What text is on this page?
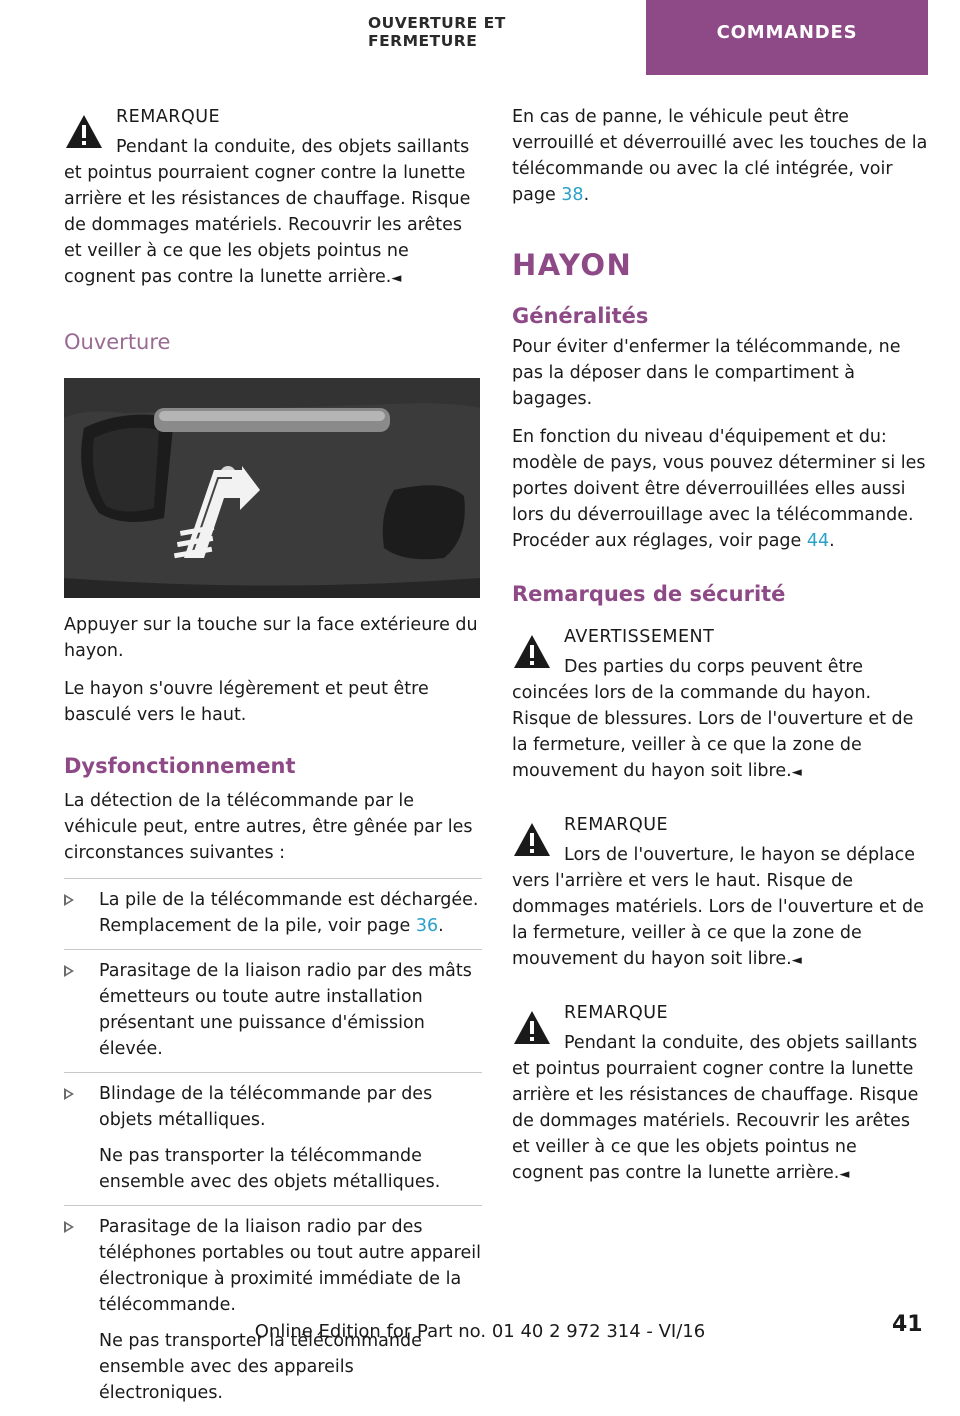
OUVERTURE ET FERMETURE	COMMANDES
REMARQUE

Pendant la conduite, des objets saillants et pointus pourraient cogner contre la lunette arrière et les résistances de chauffage. Risque de dommages matériels. Recouvrir les arêtes et veiller à ce que les objets pointus ne cognent pas contre la lunette arrière.◄

Ouverture

Appuyer sur la touche sur la face extérieure du hayon.

Le hayon s'ouvre légèrement et peut être basculé vers le haut.

Dysfonctionnement

La détection de la télécommande par le véhicule peut, entre autres, être gênée par les circonstances suivantes :

La pile de la télécommande est déchargée. Remplacement de la pile, voir page 36.

Parasitage de la liaison radio par des mâts émetteurs ou toute autre installation présentant une puissance d'émission élevée.

Blindage de la télécommande par des objets métalliques.

Ne pas transporter la télécommande ensemble avec des objets métalliques.

Parasitage de la liaison radio par des téléphones portables ou tout autre appareil électronique à proximité immédiate de la télécommande.

Ne pas transporter la télécommande ensemble avec des appareils électroniques.

En cas de panne, le véhicule peut être verrouillé et déverrouillé avec les touches de la télécommande ou avec la clé intégrée, voir page 38.

HAYON
Généralités

Pour éviter d'enfermer la télécommande, ne pas la déposer dans le compartiment à bagages.

En fonction du niveau d'équipement et du: modèle de pays, vous pouvez déterminer si les portes doivent être déverrouillées elles aussi lors du déverrouillage avec la télécommande. Procéder aux réglages, voir page 44.

Remarques de sécurité
AVERTISSEMENT

Des parties du corps peuvent être coincées lors de la commande du hayon. Risque de blessures. Lors de l'ouverture et de la fermeture, veiller à ce que la zone de mouvement du hayon soit libre.◄

REMARQUE

Lors de l'ouverture, le hayon se déplace vers l'arrière et vers le haut. Risque de dommages matériels. Lors de l'ouverture et de la fermeture, veiller à ce que la zone de mouvement du hayon soit libre.◄

REMARQUE

Pendant la conduite, des objets saillants et pointus pourraient cogner contre la lunette arrière et les résistances de chauffage. Risque de dommages matériels. Recouvrir les arêtes et veiller à ce que les objets pointus ne cognent pas contre la lunette arrière.◄

Online Edition for Part no. 01 40 2 972 314 - VI/16	41
